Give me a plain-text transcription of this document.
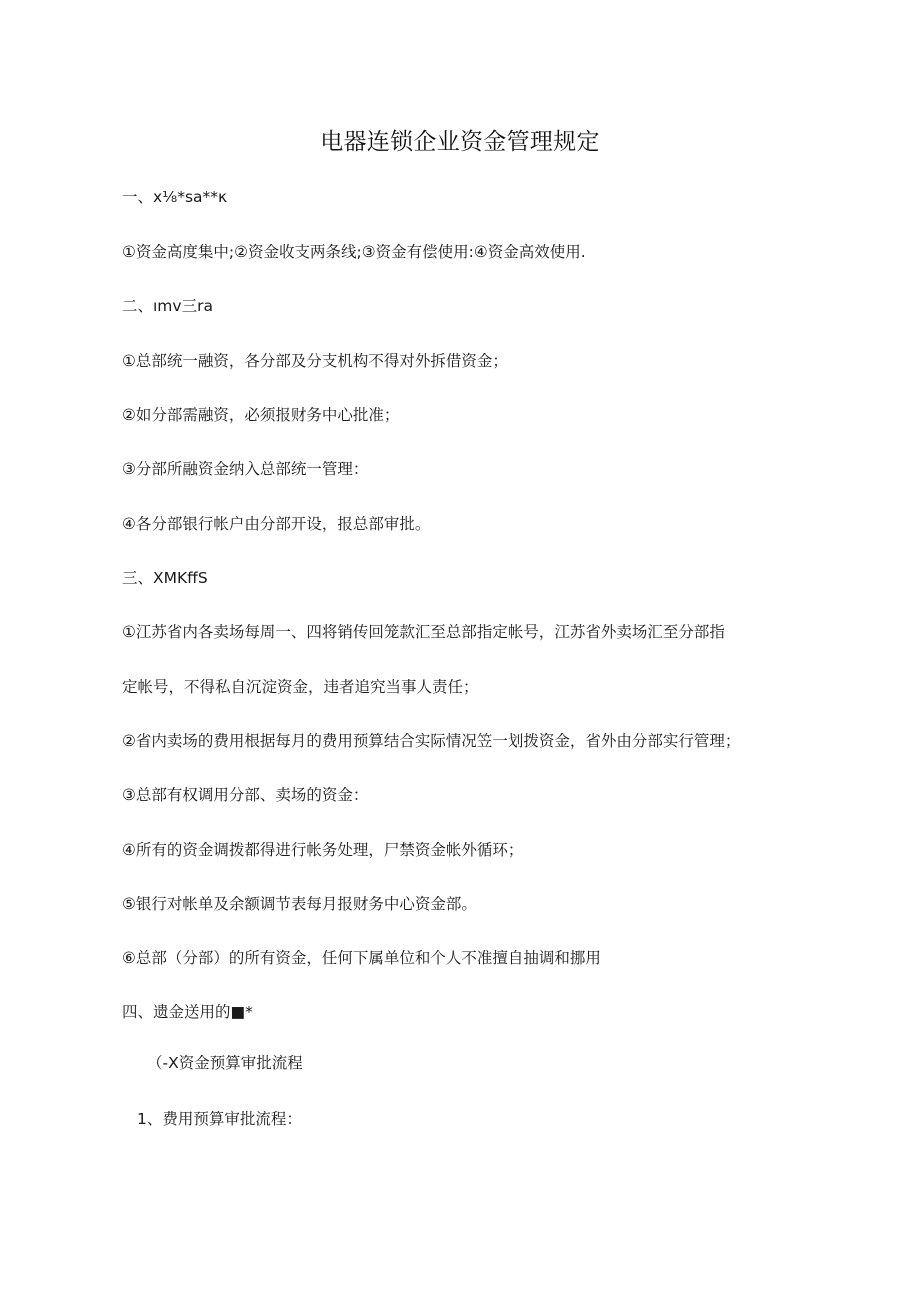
电器连锁企业资金管理规定
一、x⅛*sa**κ
①资金高度集中;②资金收支两条线;③资金有偿使用:④资金高效使用.
二、ımv三ra
①总部统一融资，各分部及分支机构不得对外拆借资金；
②如分部需融资，必须报财务中心批准；
③分部所融资金纳入总部统一管理：
④各分部银行帐户由分部开设，报总部审批。
三、XMKffS
①江苏省内各卖场每周一、四将销传回笼款汇至总部指定帐号，江苏省外卖场汇至分部指
定帐号，不得私自沉淀资金，违者追究当事人责任；
②省内卖场的费用根据每月的费用预算结合实际情况笠一划拨资金，省外由分部实行管理；
③总部有权调用分部、卖场的资金：
④所有的资金调拨都得进行帐务处理，尸禁资金帐外循环；
⑤银行对帐单及余额调节表每月报财务中心资金部。
⑥总部（分部）的所有资金，任何下属单位和个人不准擅自抽调和挪用
四、遗金送用的■*
（-X资金预算审批流程
1、费用预算审批流程：
